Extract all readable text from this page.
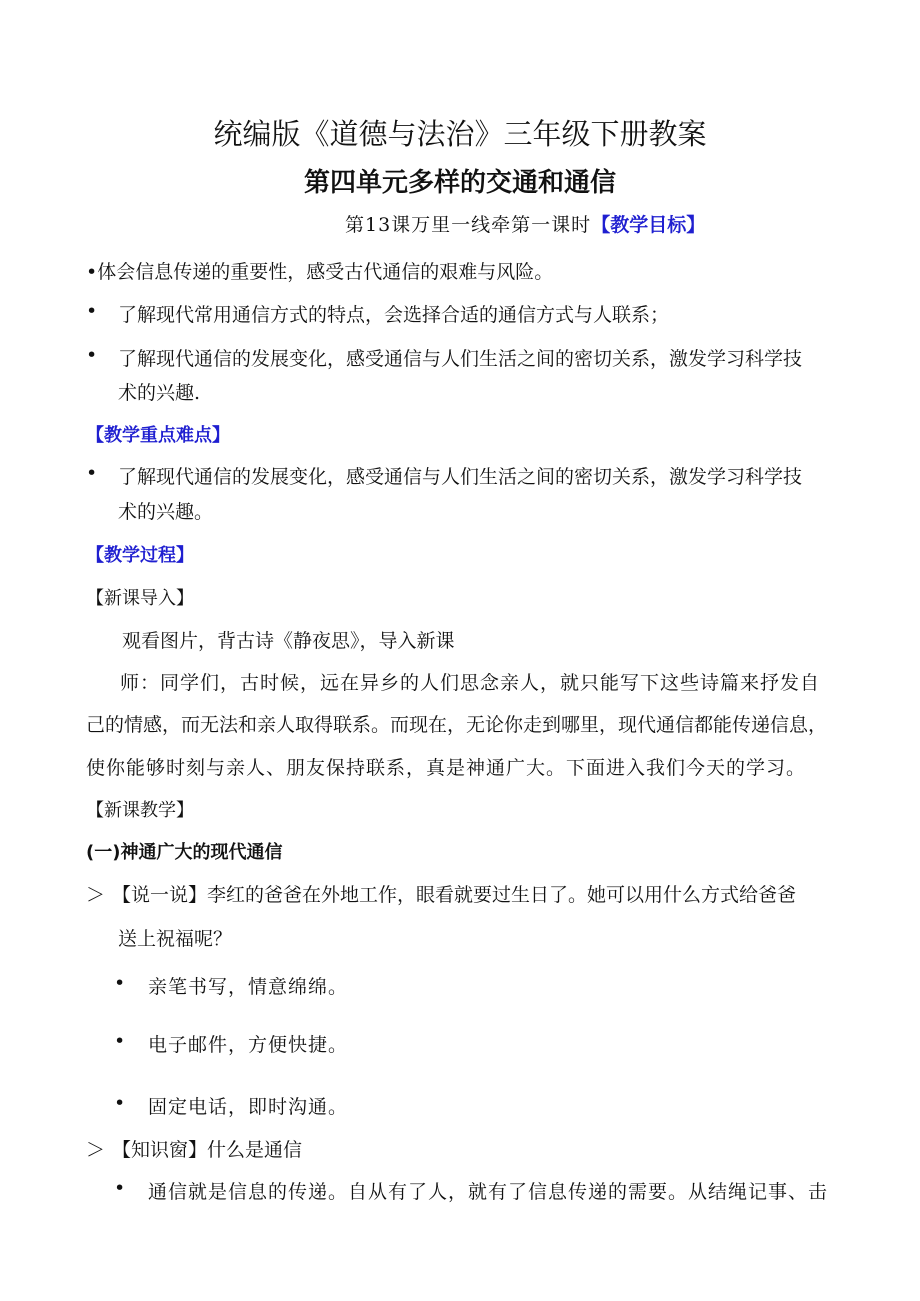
统编版《道德与法治》三年级下册教案
第四单元多样的交通和通信
第13课万里一线牵第一课时【教学目标】
•体会信息传递的重要性，感受古代通信的艰难与风险。
• 了解现代常用通信方式的特点，会选择合适的通信方式与人联系；
• 了解现代通信的发展变化，感受通信与人们生活之间的密切关系，激发学习科学技
术的兴趣.
【教学重点难点】
• 了解现代通信的发展变化，感受通信与人们生活之间的密切关系，激发学习科学技
术的兴趣。
【教学过程】
【新课导入】
观看图片，背古诗《静夜思》，导入新课
师：同学们，古时候，远在异乡的人们思念亲人，就只能写下这些诗篇来抒发自
己的情感，而无法和亲人取得联系。而现在，无论你走到哪里，现代通信都能传递信息，
使你能够时刻与亲人、朋友保持联系，真是神通广大。下面进入我们今天的学习。
【新课教学】
(一)神通广大的现代通信
＞ 【说一说】李红的爸爸在外地工作，眼看就要过生日了。她可以用什么方式给爸爸
送上祝福呢？
• 亲笔书写，情意绵绵。
• 电子邮件，方便快捷。
• 固定电话，即时沟通。
＞ 【知识窗】什么是通信
• 通信就是信息的传递。自从有了人，就有了信息传递的需要。从结绳记事、击
